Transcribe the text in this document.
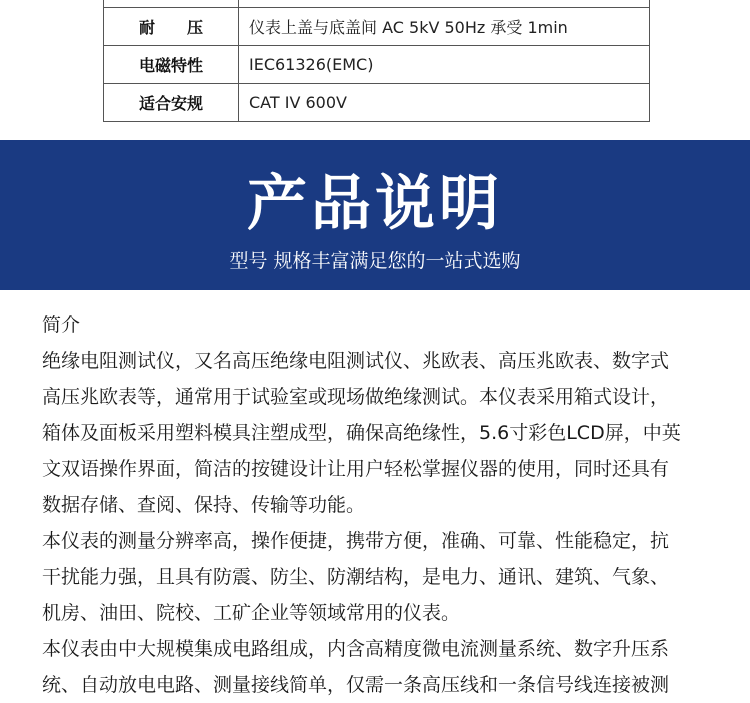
耐　　压	仪表上盖与底盖间 AC 5kV 50Hz 承受 1min
电磁特性	IEC61326(EMC)
适合安规	CAT IV 600V
产品说明
型号 规格丰富满足您的一站式选购

简介

绝缘电阻测试仪，又名高压绝缘电阻测试仪、兆欧表、高压兆欧表、数字式

高压兆欧表等，通常用于试验室或现场做绝缘测试。本仪表采用箱式设计，

箱体及面板采用塑料模具注塑成型，确保高绝缘性，5.6寸彩色LCD屏，中英

文双语操作界面，简洁的按键设计让用户轻松掌握仪器的使用，同时还具有

数据存储、查阅、保持、传输等功能。

本仪表的测量分辨率高，操作便捷，携带方便，准确、可靠、性能稳定，抗

干扰能力强，且具有防震、防尘、防潮结构，是电力、通讯、建筑、气象、

机房、油田、院校、工矿企业等领域常用的仪表。

本仪表由中大规模集成电路组成，内含高精度微电流测量系统、数字升压系

统、自动放电电路、测量接线简单，仅需一条高压线和一条信号线连接被测
